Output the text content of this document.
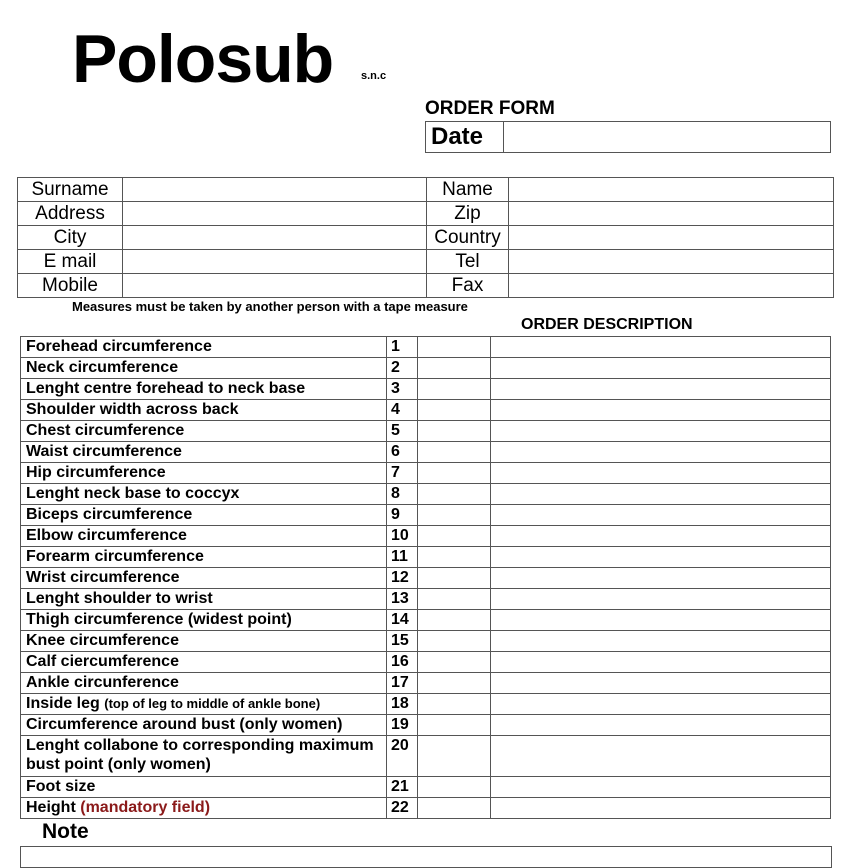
Polosub	s.n.c
ORDER FORM
Date	
Surname		Name	
Address		Zip	
City		Country	
E mail		Tel	
Mobile		Fax	
Measures must be taken by another person with a tape measure
ORDER DESCRIPTION
Forehead circumference	1		
Neck circumference	2		
Lenght centre forehead to neck base	3		
Shoulder width across back	4		
Chest circumference	5		
Waist circumference	6		
Hip circumference	7		
Lenght neck base to coccyx	8		
Biceps circumference	9		
Elbow circumference	10		
Forearm circumference	11		
Wrist circumference	12		
Lenght shoulder to wrist	13		
Thigh circumference (widest point)	14		
Knee circumference	15		
Calf ciercumference	16		
Ankle circunference	17		
Inside leg (top of leg to middle of ankle bone)	18		
Circumference around bust (only women)	19		
Lenght collabone to corresponding maximum bust point (only women)	20		
Foot size	21		
Height (mandatory field)	22		
Note
